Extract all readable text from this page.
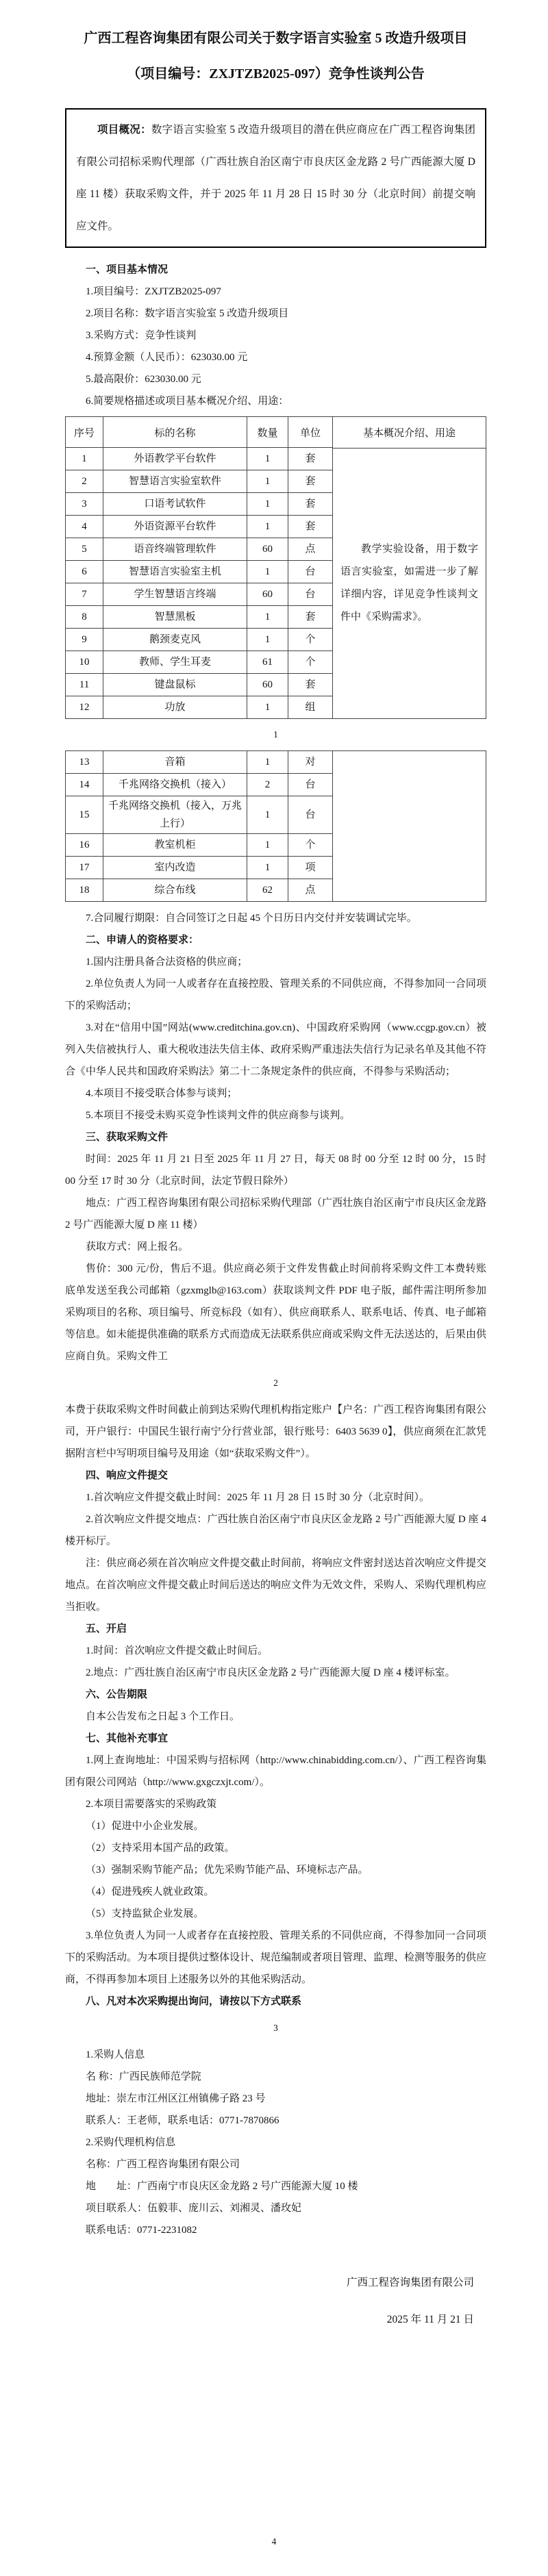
广西工程咨询集团有限公司关于数字语言实验室 5 改造升级项目
（项目编号：ZXJTZB2025-097）竞争性谈判公告

项目概况：数字语言实验室 5 改造升级项目的潜在供应商应在广西工程咨询集团有限公司招标采购代理部（广西壮族自治区南宁市良庆区金龙路 2 号广西能源大厦 D 座 11 楼）获取采购文件，并于 2025 年 11 月 28 日 15 时 30 分（北京时间）前提交响应文件。

一、项目基本情况

1.项目编号：ZXJTZB2025-097

2.项目名称：数字语言实验室 5 改造升级项目

3.采购方式：竞争性谈判

4.预算金额（人民币）：623030.00 元

5.最高限价：623030.00 元

6.简要规格描述或项目基本概况介绍、用途：

序号	标的名称	数量	单位
1	外语教学平台软件	1	套
2	智慧语言实验室软件	1	套
3	口语考试软件	1	套
4	外语资源平台软件	1	套
5	语音终端管理软件	60	点
6	智慧语言实验室主机	1	台
7	学生智慧语言终端	60	台
8	智慧黑板	1	套
9	鹅颈麦克风	1	个
10	教师、学生耳麦	61	个
11	键盘鼠标	60	套
12	功放	1	组
基本概况介绍、用途

教学实验设备，用于数字语言实验室，如需进一步了解详细内容，详见竞争性谈判文件中《采购需求》。

1
13	音箱	1	对
14	千兆网络交换机（接入）	2	台
15	千兆网络交换机（接入，万兆上行）	1	台
16	教室机柜	1	个
17	室内改造	1	项
18	综合布线	62	点

7.合同履行期限：自合同签订之日起 45 个日历日内交付并安装调试完毕。

二、申请人的资格要求：

1.国内注册具备合法资格的供应商；

2.单位负责人为同一人或者存在直接控股、管理关系的不同供应商，不得参加同一合同项下的采购活动；

3.对在“信用中国”网站(www.creditchina.gov.cn)、中国政府采购网（www.ccgp.gov.cn）被列入失信被执行人、重大税收违法失信主体、政府采购严重违法失信行为记录名单及其他不符合《中华人民共和国政府采购法》第二十二条规定条件的供应商，不得参与采购活动；

4.本项目不接受联合体参与谈判；

5.本项目不接受未购买竞争性谈判文件的供应商参与谈判。

三、获取采购文件

时间：2025 年 11 月 21 日至 2025 年 11 月 27 日，每天 08 时 00 分至 12 时 00 分，15 时 00 分至 17 时 30 分（北京时间，法定节假日除外）

地点：广西工程咨询集团有限公司招标采购代理部（广西壮族自治区南宁市良庆区金龙路 2 号广西能源大厦 D 座 11 楼）

获取方式：网上报名。

售价：300 元/份，售后不退。供应商必须于文件发售截止时间前将采购文件工本费转账底单发送至我公司邮箱（gzxmglb@163.com）获取谈判文件 PDF 电子版，邮件需注明所参加采购项目的名称、项目编号、所竞标段（如有）、供应商联系人、联系电话、传真、电子邮箱等信息。如未能提供准确的联系方式而造成无法联系供应商或采购文件无法送达的，后果由供应商自负。采购文件工

2

本费于获取采购文件时间截止前到达采购代理机构指定账户【户名：广西工程咨询集团有限公司，开户银行：中国民生银行南宁分行营业部，银行账号：6403 5639 0】，供应商须在汇款凭据附言栏中写明项目编号及用途（如“获取采购文件”）。

四、响应文件提交

1.首次响应文件提交截止时间：2025 年 11 月 28 日 15 时 30 分（北京时间）。

2.首次响应文件提交地点：广西壮族自治区南宁市良庆区金龙路 2 号广西能源大厦 D 座 4 楼开标厅。

注：供应商必须在首次响应文件提交截止时间前，将响应文件密封送达首次响应文件提交地点。在首次响应文件提交截止时间后送达的响应文件为无效文件，采购人、采购代理机构应当拒收。

五、开启

1.时间：首次响应文件提交截止时间后。

2.地点：广西壮族自治区南宁市良庆区金龙路 2 号广西能源大厦 D 座 4 楼评标室。

六、公告期限

自本公告发布之日起 3 个工作日。

七、其他补充事宜

1.网上查询地址：中国采购与招标网（http://www.chinabidding.com.cn/）、广西工程咨询集团有限公司网站（http://www.gxgczxjt.com/）。

2.本项目需要落实的采购政策

（1）促进中小企业发展。

（2）支持采用本国产品的政策。

（3）强制采购节能产品；优先采购节能产品、环境标志产品。

（4）促进残疾人就业政策。

（5）支持监狱企业发展。

3.单位负责人为同一人或者存在直接控股、管理关系的不同供应商，不得参加同一合同项下的采购活动。为本项目提供过整体设计、规范编制或者项目管理、监理、检测等服务的供应商，不得再参加本项目上述服务以外的其他采购活动。

八、凡对本次采购提出询问，请按以下方式联系

3

1.采购人信息

名 称：广西民族师范学院

地址：崇左市江州区江州镇佛子路 23 号

联系人：王老师，联系电话：0771-7870866

2.采购代理机构信息

名称：广西工程咨询集团有限公司

地　　址：广西南宁市良庆区金龙路 2 号广西能源大厦 10 楼

项目联系人：伍毅菲、庞川云、刘湘灵、潘玫妃

联系电话：0771-2231082

广西工程咨询集团有限公司
2025 年 11 月 21 日
4
